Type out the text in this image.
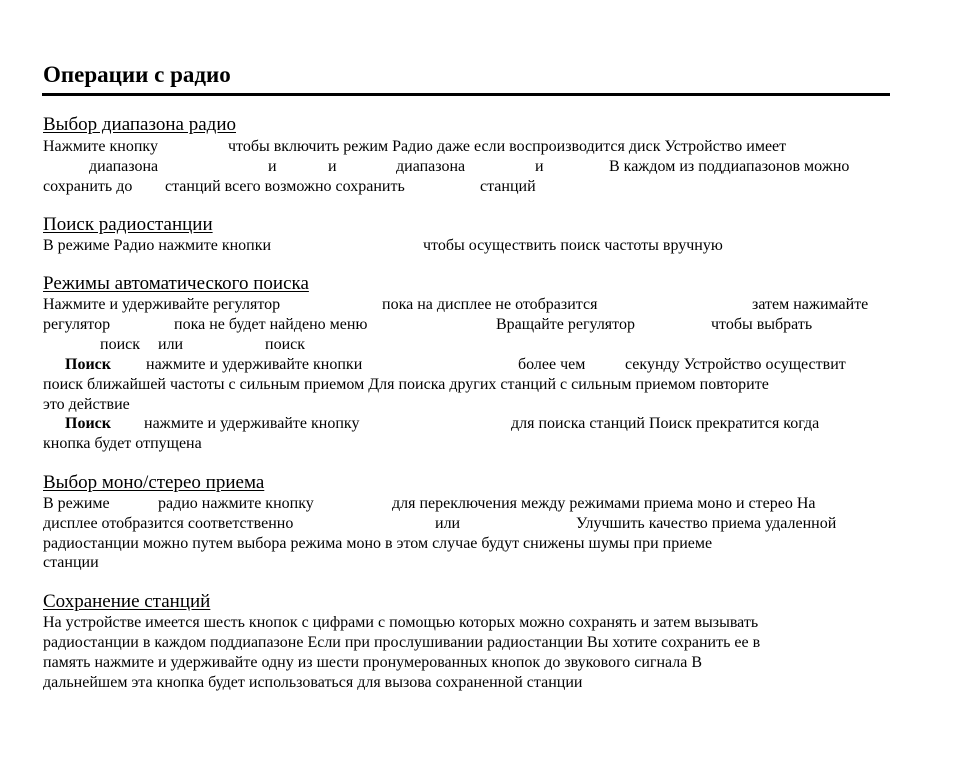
Операции с радио
Выбор диапазона радио
Нажмите кнопку	чтобы включить режим Радио даже если воспроизводится диск Устройство имеет
диапазона	и	и	диапазона	и	В каждом из поддиапазонов можно
сохранить до станций всего возможно сохранить	станций
Поиск радиостанции
В режиме Радио нажмите кнопки	чтобы осуществить поиск частоты вручную
Режимы автоматического поиска
Нажмите и удерживайте регулятор	пока на дисплее не отобразится	затем нажимайте
регулятор	пока не будет найдено меню	Вращайте регулятор	чтобы выбрать
поиск или	поиск
Поиск нажмите и удерживайте кнопки	более чем секунду Устройство осуществит
поиск ближайшей частоты с сильным приемом Для поиска других станций с сильным приемом повторите
это действие
Поиск нажмите и удерживайте кнопку	для поиска станций Поиск прекратится когда
кнопка будет отпущена
Выбор моно/стерео приема
В режиме	радио нажмите кнопку	для переключения между режимами приема моно и стерео На
дисплее отобразится соответственно	или	Улучшить качество приема удаленной
радиостанции можно путем выбора режима моно в этом случае будут снижены шумы при приеме
станции
Сохранение станций
На устройстве имеется шесть кнопок с цифрами с помощью которых можно сохранять и затем вызывать
радиостанции в каждом поддиапазоне Если при прослушивании радиостанции Вы хотите сохранить ее в
память нажмите и удерживайте одну из шести пронумерованных кнопок до звукового сигнала В
дальнейшем эта кнопка будет использоваться для вызова сохраненной станции
